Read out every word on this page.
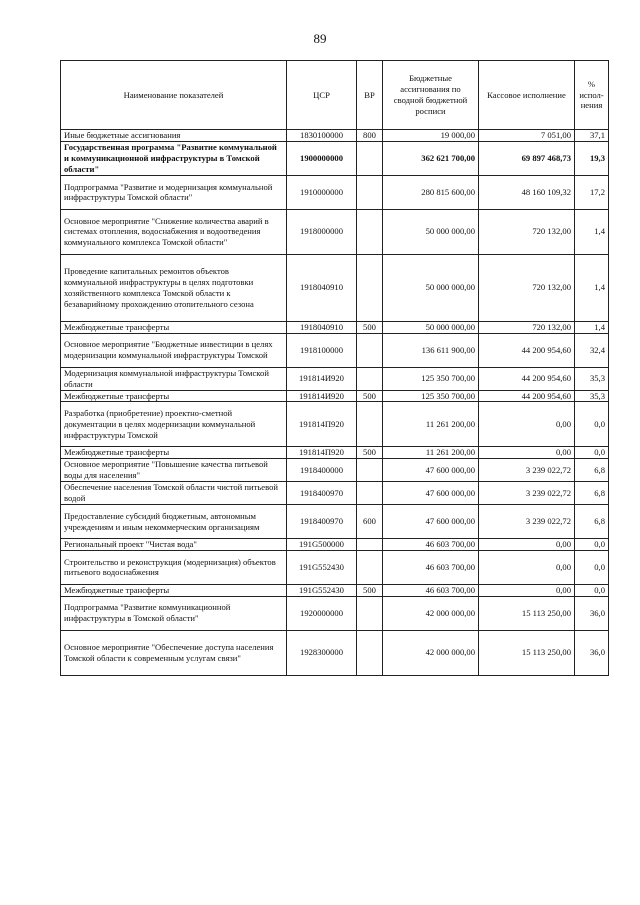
89
Наименование показателей	ЦСР	ВР	Бюджетные ассигнования по сводной бюджетной росписи	Кассовое исполнение	% испол-нения
Иные бюджетные ассигнования	1830100000	800	19 000,00	7 051,00	37,1
Государственная программа "Развитие коммунальной и коммуникационной инфраструктуры в Томской области"	1900000000		362 621 700,00	69 897 468,73	19,3
Подпрограмма "Развитие и модернизация коммунальной инфраструктуры Томской области"	1910000000		280 815 600,00	48 160 109,32	17,2
Основное мероприятие "Снижение количества аварий в системах отопления, водоснабжения и водоотведения коммунального комплекса Томской области"	1918000000		50 000 000,00	720 132,00	1,4
Проведение капитальных ремонтов объектов коммунальной инфраструктуры в целях подготовки хозяйственного комплекса Томской области к безаварийному прохождению отопительного сезона	1918040910		50 000 000,00	720 132,00	1,4
Межбюджетные трансферты	1918040910	500	50 000 000,00	720 132,00	1,4
Основное мероприятие "Бюджетные инвестиции в целях модернизации коммунальной инфраструктуры Томской	1918100000		136 611 900,00	44 200 954,60	32,4
Модернизация коммунальной инфраструктуры Томской области	191814И920		125 350 700,00	44 200 954,60	35,3
Межбюджетные трансферты	191814И920	500	125 350 700,00	44 200 954,60	35,3
Разработка (приобретение) проектно-сметной документации в целях модернизации коммунальной инфраструктуры Томской	191814П920		11 261 200,00	0,00	0,0
Межбюджетные трансферты	191814П920	500	11 261 200,00	0,00	0,0
Основное мероприятие "Повышение качества питьевой воды для населения"	1918400000		47 600 000,00	3 239 022,72	6,8
Обеспечение населения Томской области чистой питьевой водой	1918400970		47 600 000,00	3 239 022,72	6,8
Предоставление субсидий бюджетным, автономным учреждениям и иным некоммерческим организациям	1918400970	600	47 600 000,00	3 239 022,72	6,8
Региональный проект "Чистая вода"	191G500000		46 603 700,00	0,00	0,0
Строительство и реконструкция (модернизация) объектов питьевого водоснабжения	191G552430		46 603 700,00	0,00	0,0
Межбюджетные трансферты	191G552430	500	46 603 700,00	0,00	0,0
Подпрограмма "Развитие коммуникационной инфраструктуры в Томской области"	1920000000		42 000 000,00	15 113 250,00	36,0
Основное мероприятие "Обеспечение доступа населения Томской области к современным услугам связи"	1928300000		42 000 000,00	15 113 250,00	36,0
